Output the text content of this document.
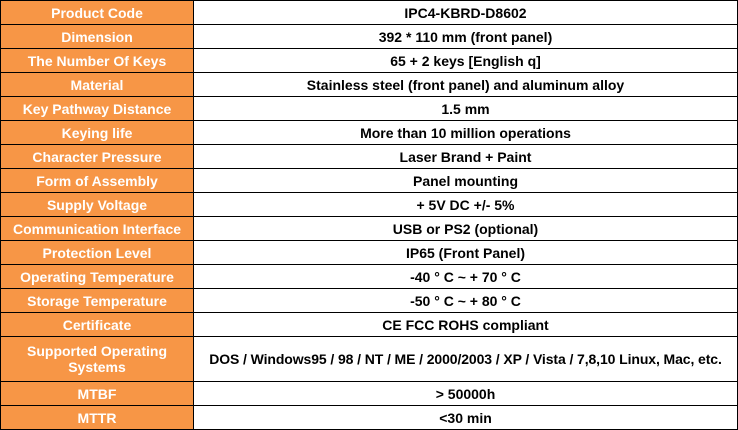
Product Code	IPC4-KBRD-D8602
Dimension	392 * 110 mm (front panel)
The Number Of Keys	65 + 2 keys [English q]
Material	Stainless steel (front panel) and aluminum alloy
Key Pathway Distance	1.5 mm
Keying life	More than 10 million operations
Character Pressure	Laser Brand + Paint
Form of Assembly	Panel mounting
Supply Voltage	+ 5V DC +/- 5%
Communication Interface	USB or PS2 (optional)
Protection Level	IP65 (Front Panel)
Operating Temperature	-40 ° C ~ + 70 ° C
Storage Temperature	-50 ° C ~ + 80 ° C
Certificate	CE FCC ROHS compliant
Supported Operating Systems	DOS / Windows95 / 98 / NT / ME / 2000/2003 / XP / Vista / 7,8,10 Linux, Mac, etc.
MTBF	> 50000h
MTTR	<30 min
